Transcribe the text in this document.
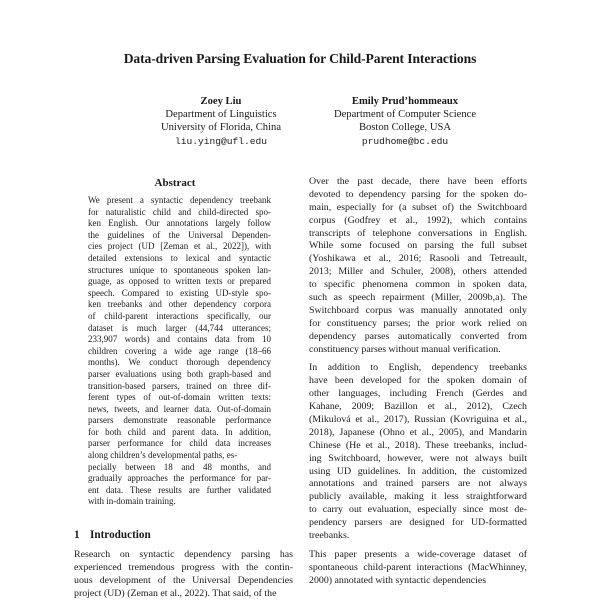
Data-driven Parsing Evaluation for Child-Parent Interactions
Zoey Liu
Department of Linguistics
University of Florida, China
liu.ying@ufl.edu
Emily Prud’hommeaux
Department of Computer Science
Boston College, USA
prudhome@bc.edu
Abstract
We present a syntactic dependency treebank
for naturalistic child and child-directed spo-
ken English. Our annotations largely follow
the guidelines of the Universal Dependen-
cies project (UD [Zeman et al., 2022]), with
detailed extensions to lexical and syntactic
structures unique to spontaneous spoken lan-
guage, as opposed to written texts or prepared
speech. Compared to existing UD-style spo-
ken treebanks and other dependency corpora
of child-parent interactions specifically, our
dataset is much larger (44,744 utterances;
233,907 words) and contains data from 10
children covering a wide age range (18–66
months). We conduct thorough dependency
parser evaluations using both graph-based and
transition-based parsers, trained on three dif-
ferent types of out-of-domain written texts:
news, tweets, and learner data. Out-of-domain
parsers demonstrate reasonable performance
for both child and parent data. In addition,
parser performance for child data increases
along children’s developmental paths, es-
pecially between 18 and 48 months, and
gradually approaches the performance for par-
ent data. These results are further validated
with in-domain training.
1 Introduction

Research on syntactic dependency parsing has
experienced tremendous progress with the contin-
uous development of the Universal Dependencies
project (UD) (Zeman et al., 2022). That said, of the

Over the past decade, there have been efforts
devoted to dependency parsing for the spoken do-
main, especially for (a subset of) the Switchboard
corpus (Godfrey et al., 1992), which contains
transcripts of telephone conversations in English.
While some focused on parsing the full subset
(Yoshikawa et al., 2016; Rasooli and Tetreault,
2013; Miller and Schuler, 2008), others attended
to specific phenomena common in spoken data,
such as speech repairment (Miller, 2009b,a). The
Switchboard corpus was manually annotated only
for constituency parses; the prior work relied on
dependency parses automatically converted from
constituency parses without manual verification.

In addition to English, dependency treebanks
have been developed for the spoken domain of
other languages, including French (Gerdes and
Kahane, 2009; Bazillon et al., 2012), Czech
(Mikulová et al., 2017), Russian (Kovriguina et al.,
2018), Japanese (Ohno et al., 2005), and Mandarin
Chinese (He et al., 2018). These treebanks, includ-
ing Switchboard, however, were not always built
using UD guidelines. In addition, the customized
annotations and trained parsers are not always
publicly available, making it less straightforward
to carry out evaluation, especially since most de-
pendency parsers are designed for UD-formatted
treebanks.

This paper presents a wide-coverage dataset of
spontaneous child-parent interactions (MacWhinney,
2000) annotated with syntactic dependencies
